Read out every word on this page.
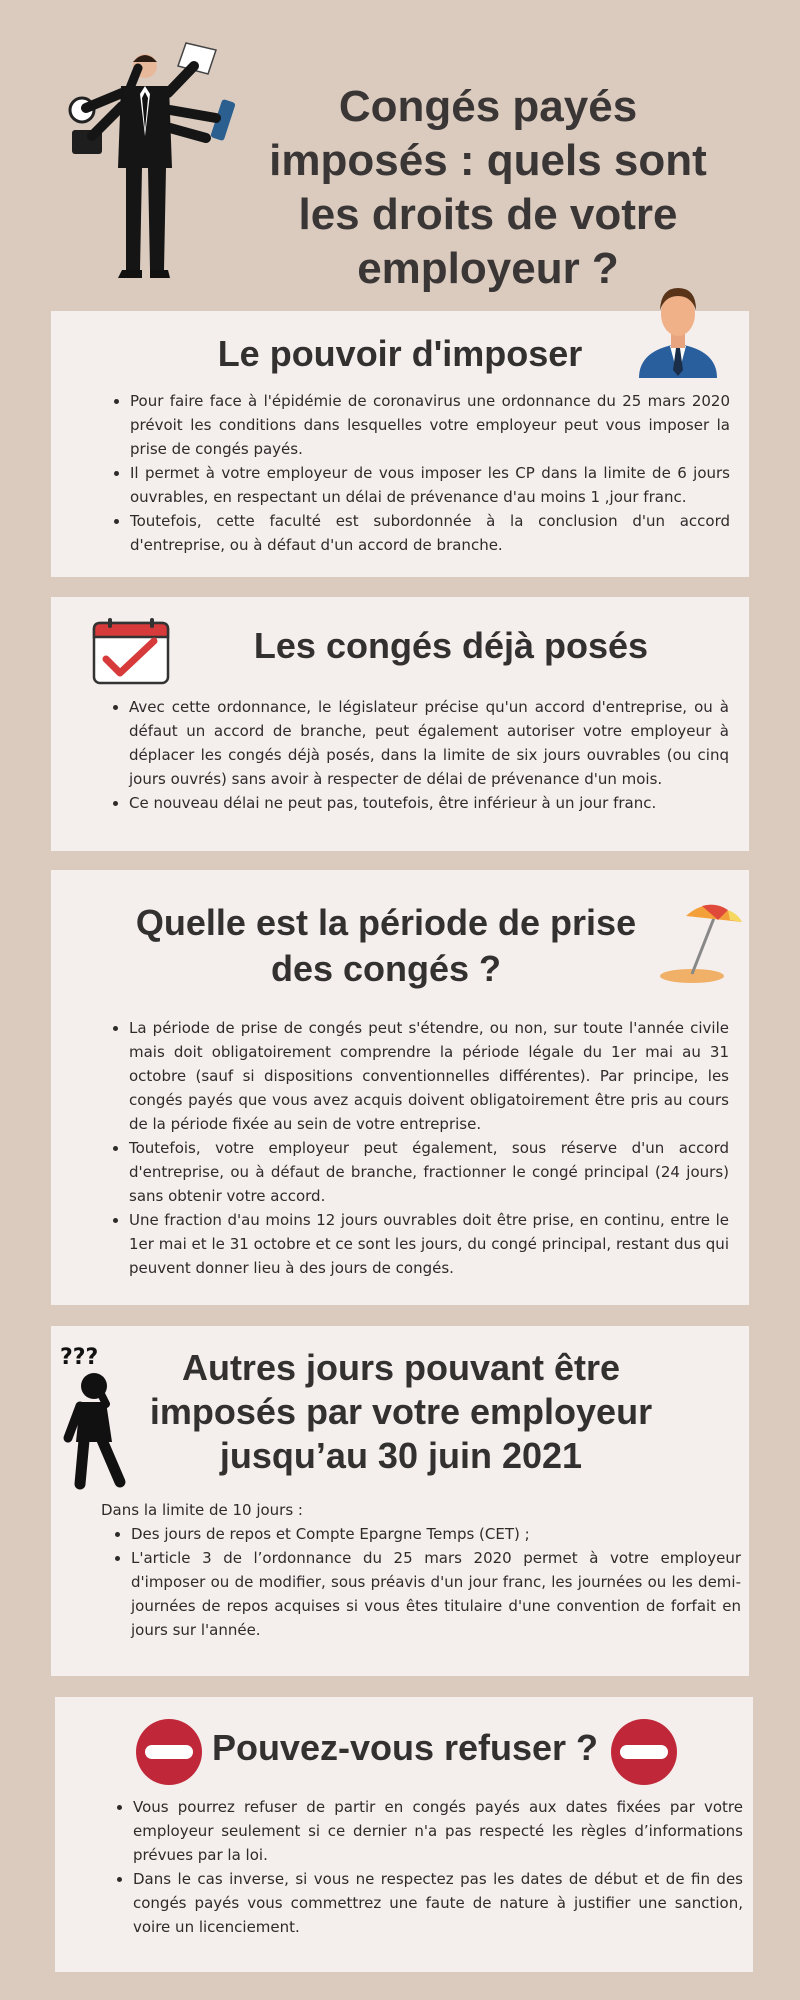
Congés payés imposés : quels sont les droits de votre employeur ?
Le pouvoir d'imposer
• Pour faire face à l'épidémie de coronavirus une ordonnance du 25 mars 2020 prévoit les conditions dans lesquelles votre employeur peut vous imposer la prise de congés payés.
• Il permet à votre employeur de vous imposer les CP dans la limite de 6 jours ouvrables, en respectant un délai de prévenance d'au moins 1 ,jour franc.
• Toutefois, cette faculté est subordonnée à la conclusion d'un accord d'entreprise, ou à défaut d'un accord de branche.
Les congés déjà posés
• Avec cette ordonnance, le législateur précise qu'un accord d'entreprise, ou à défaut un accord de branche, peut également autoriser votre employeur à déplacer les congés déjà posés, dans la limite de six jours ouvrables (ou cinq jours ouvrés) sans avoir à respecter de délai de prévenance d'un mois.
• Ce nouveau délai ne peut pas, toutefois, être inférieur à un jour franc.
Quelle est la période de prise des congés ?
• La période de prise de congés peut s'étendre, ou non, sur toute l'année civile mais doit obligatoirement comprendre la période légale du 1er mai au 31 octobre (sauf si dispositions conventionnelles différentes). Par principe, les congés payés que vous avez acquis doivent obligatoirement être pris au cours de la période fixée au sein de votre entreprise.
• Toutefois, votre employeur peut également, sous réserve d'un accord d'entreprise, ou à défaut de branche, fractionner le congé principal (24 jours) sans obtenir votre accord.
• Une fraction d'au moins 12 jours ouvrables doit être prise, en continu, entre le 1er mai et le 31 octobre et ce sont les jours, du congé principal, restant dus qui peuvent donner lieu à des jours de congés.
Autres jours pouvant être imposés par votre employeur jusqu’au 30 juin 2021
Dans la limite de 10 jours :
• Des jours de repos et Compte Epargne Temps (CET) ;
• L'article 3 de l’ordonnance du 25 mars 2020 permet à votre employeur d'imposer ou de modifier, sous préavis d'un jour franc, les journées ou les demi-journées de repos acquises si vous êtes titulaire d'une convention de forfait en jours sur l'année.
???
Pouvez-vous refuser ?
• Vous pourrez refuser de partir en congés payés aux dates fixées par votre employeur seulement si ce dernier n'a pas respecté les règles d’informations prévues par la loi.
• Dans le cas inverse, si vous ne respectez pas les dates de début et de fin des congés payés vous commettrez une faute de nature à justifier une sanction, voire un licenciement.
